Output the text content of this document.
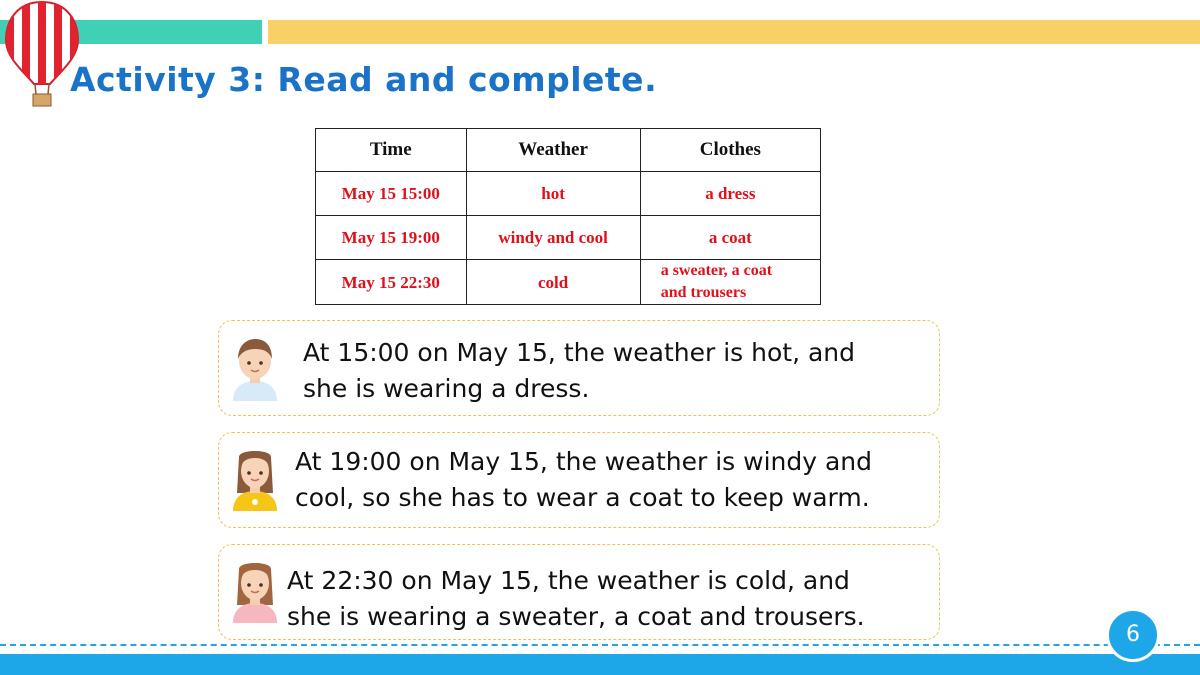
Activity 3: Read and complete.
Time	Weather	Clothes
May 15 15:00	hot	a dress
May 15 19:00	windy and cool	a coat
May 15 22:30	cold	a sweater, a coat
and trousers
At 15:00 on May 15, the weather is hot, and
she is wearing a dress.
At 19:00 on May 15, the weather is windy and
cool, so she has to wear a coat to keep warm.
At 22:30 on May 15, the weather is cold, and
she is wearing a sweater, a coat and trousers.
6
